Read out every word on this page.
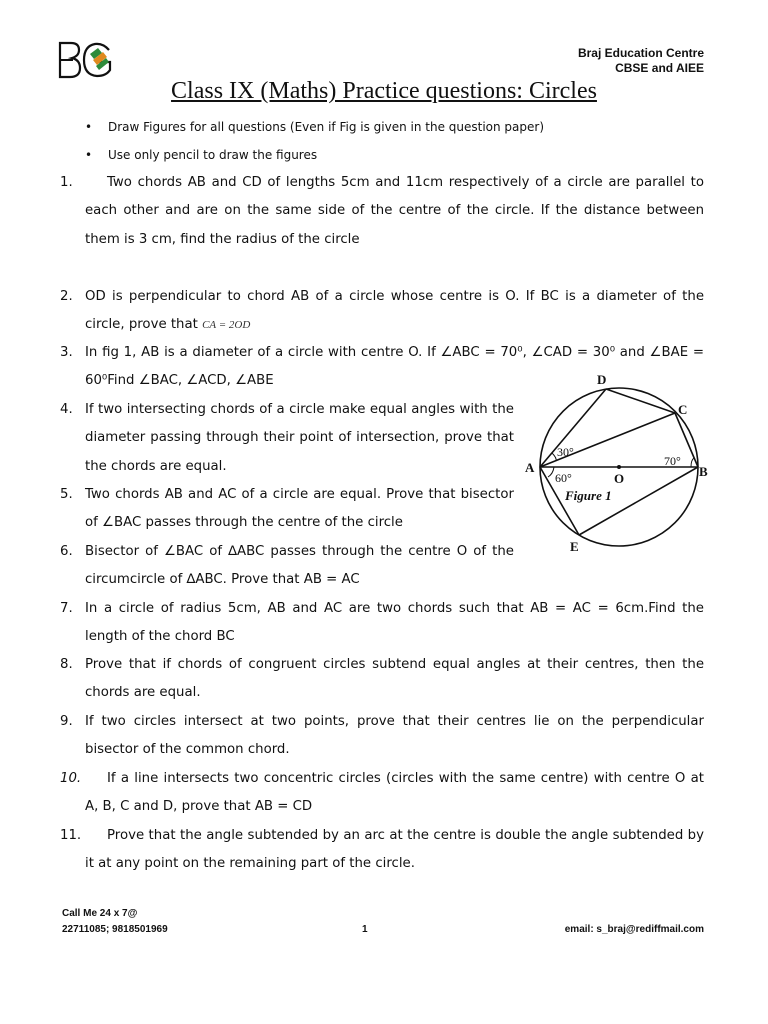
Braj Education Centre
CBSE and AIEE
Class IX (Maths) Practice questions: Circles
• Draw Figures for all questions (Even if Fig is given in the question paper)
• Use only pencil to draw the figures
1.	Two chords AB and CD of lengths 5cm and 11cm respectively of a circle are parallel to each other and are on the same side of the centre of the circle. If the distance between them is 3 cm, find the radius of the circle
2. OD is perpendicular to chord AB of a circle whose centre is O. If BC is a diameter of the circle, prove that CA = 2OD
3. In fig 1, AB is a diameter of a circle with centre O. If ∠ABC = 70⁰, ∠CAD = 30⁰ and ∠BAE = 60⁰Find ∠BAC, ∠ACD, ∠ABE
4. If two intersecting chords of a circle make equal angles with the diameter passing through their point of intersection, prove that the chords are equal.
5. Two chords AB and AC of a circle are equal. Prove that bisector of ∠BAC passes through the centre of the circle
6. Bisector of ∠BAC of ∆ABC passes through the centre O of the circumcircle of ∆ABC. Prove that AB = AC
7. In a circle of radius 5cm, AB and AC are two chords such that AB = AC = 6cm.Find the length of the chord BC
8. Prove that if chords of congruent circles subtend equal angles at their centres, then the chords are equal.
9. If two circles intersect at two points, prove that their centres lie on the perpendicular bisector of the common chord.
10.	If a line intersects two concentric circles (circles with the same centre) with centre O at A, B, C and D, prove that AB = CD
11.	Prove that the angle subtended by an arc at the centre is double the angle subtended by it at any point on the remaining part of the circle.
A	B
C
D
E
O
30°
60°
70°
Figure 1
Call Me 24 x 7@
22711085; 9818501969	1	email: s_braj@rediffmail.com
